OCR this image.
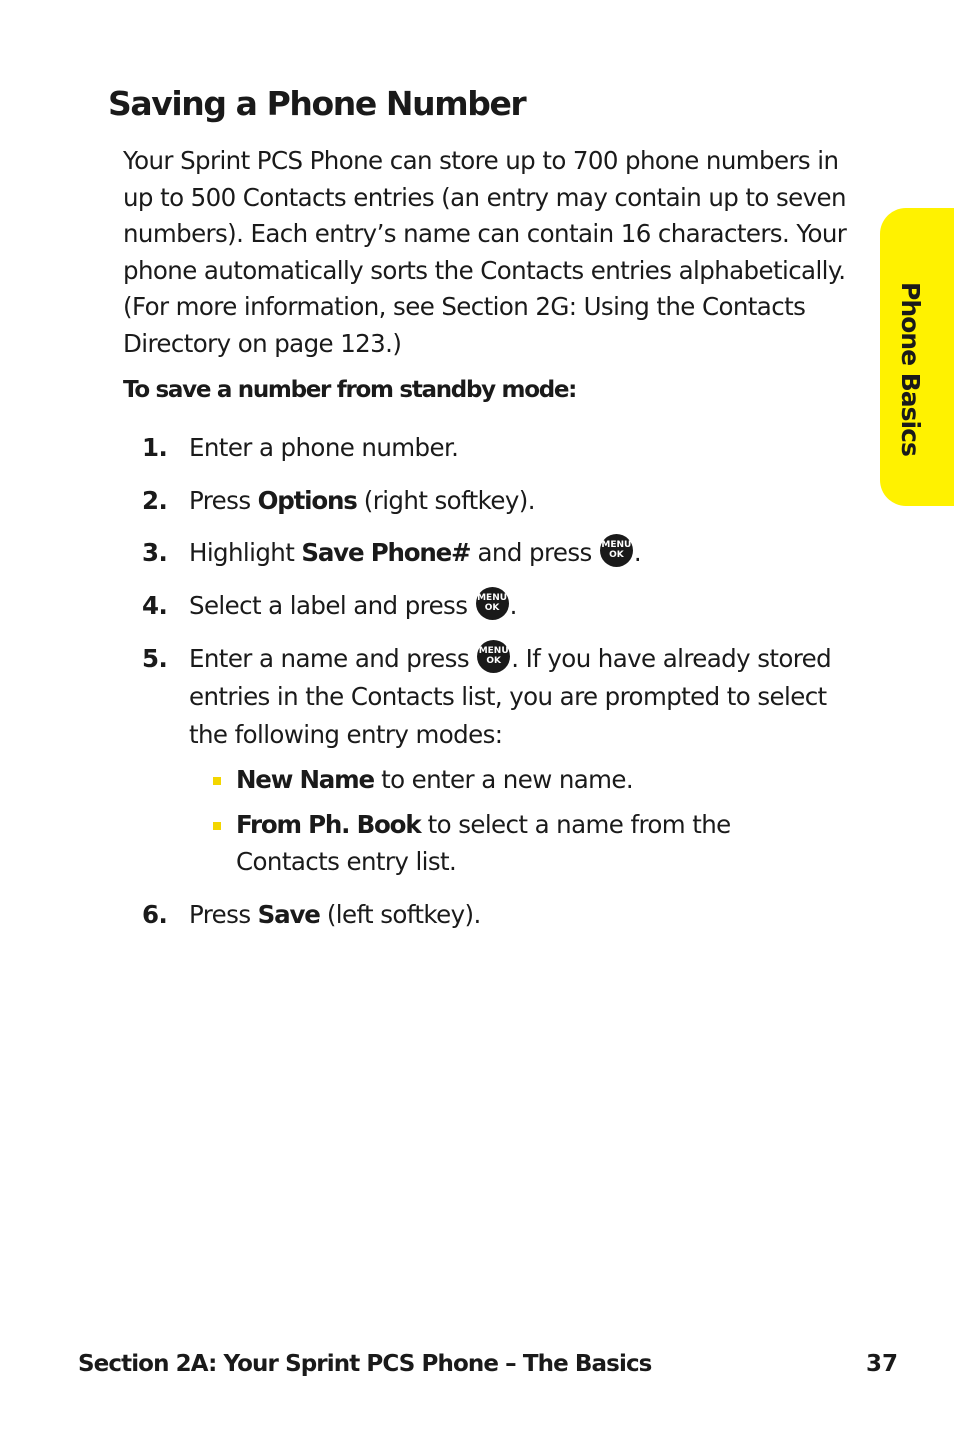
Saving a Phone Number

Your Sprint PCS Phone can store up to 700 phone numbers in up to 500 Contacts entries (an entry may contain up to seven numbers). Each entry’s name can contain 16 characters. Your phone automatically sorts the Contacts entries alphabetically. (For more information, see Section 2G: Using the Contacts Directory on page 123.)

To save a number from standby mode:

1. Enter a phone number.
2. Press Options (right softkey).
3. Highlight Save Phone# and press MENU
OK .
4. Select a label and press MENU
OK .
5. Enter a name and press MENU
OK . If you have already stored entries in the Contacts list, you are prompted to select the following entry modes:
New Name to enter a new name.
From Ph. Book to select a name from the Contacts entry list.
6. Press Save (left softkey).
Phone Basics
Section 2A: Your Sprint PCS Phone – The Basics	37
